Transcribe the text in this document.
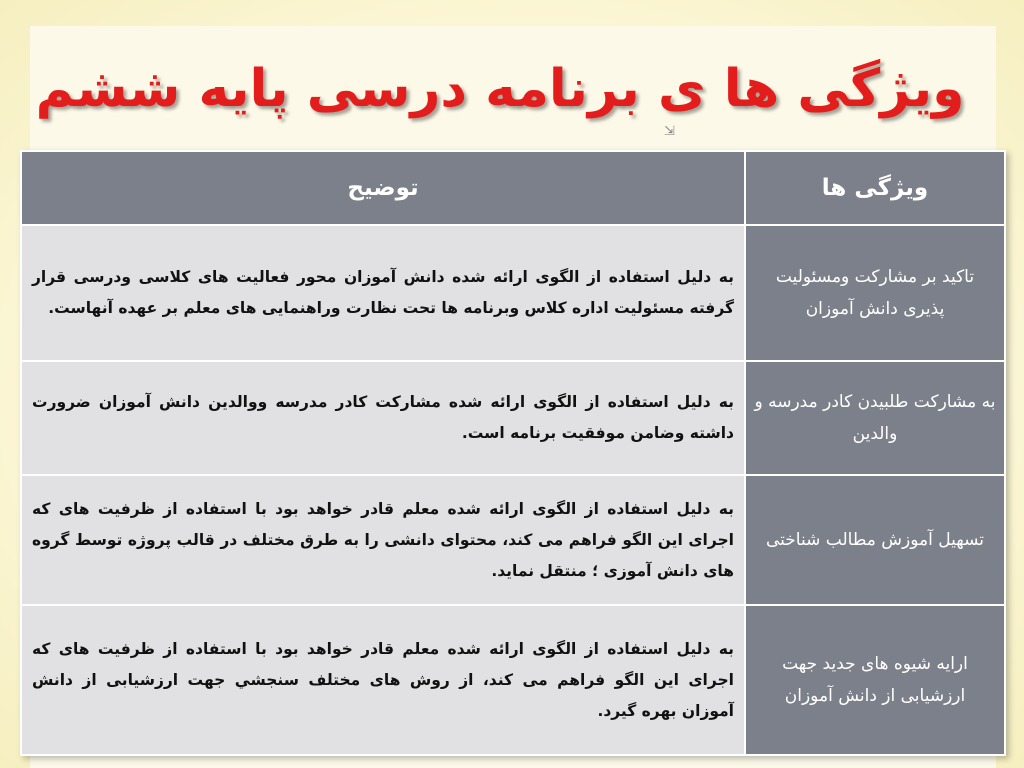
ویژگی ها ی برنامه درسی پایه ششم
⇲
ویژگی ها	توضیح
تاکید بر مشارکت ومسئولیت پذیری دانش آموزان	به دلیل استفاده از الگوی ارائه شده دانش آموزان محور فعالیت های کلاسی ودرسی قرار گرفته مسئولیت اداره کلاس وبرنامه ها تحت نظارت وراهنمایی های معلم بر عهده آنهاست.
به مشارکت طلبیدن کادر مدرسه و والدین	به دلیل استفاده از الگوی ارائه شده مشارکت کادر مدرسه ووالدین دانش آموزان ضرورت داشته وضامن موفقیت برنامه است.
تسهیل آموزش مطالب شناختی	به دلیل استفاده از الگوی ارائه شده معلم قادر خواهد بود با استفاده از ظرفیت های که اجرای این الگو فراهم می کند، محتوای دانشی را به طرق مختلف در قالب پروژه توسط گروه های دانش آموزی ؛ منتقل نماید.
ارایه شیوه های جدید جهت ارزشیابی از دانش آموزان	به دلیل استفاده از الگوی ارائه شده معلم قادر خواهد بود با استفاده از ظرفیت های که اجرای این الگو فراهم می کند، از روش های مختلف سنجشي جهت ارزشیابی از دانش آموزان بهره گیرد.
